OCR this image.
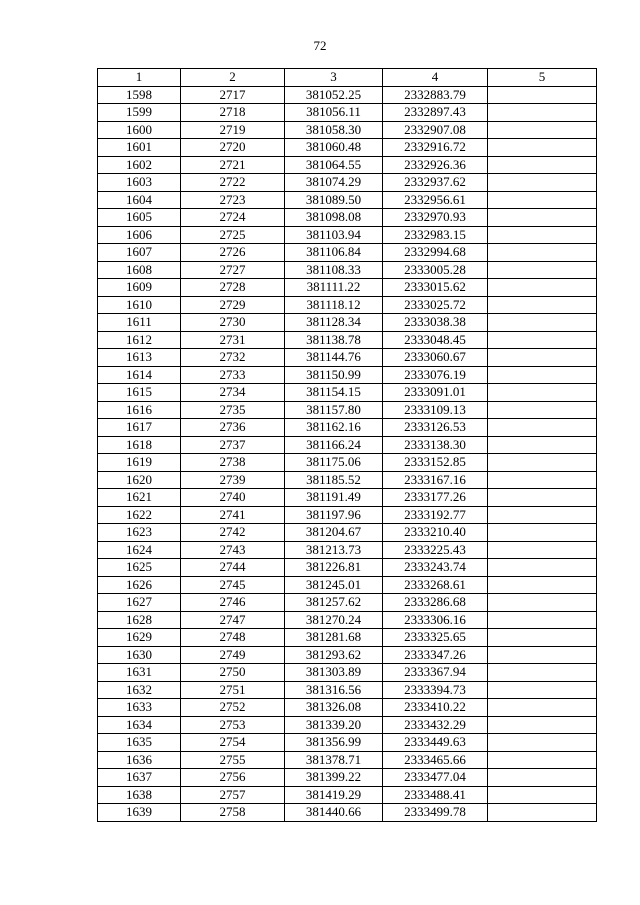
72
1	2	3	4	5
1598	2717	381052.25	2332883.79	
1599	2718	381056.11	2332897.43	
1600	2719	381058.30	2332907.08	
1601	2720	381060.48	2332916.72	
1602	2721	381064.55	2332926.36	
1603	2722	381074.29	2332937.62	
1604	2723	381089.50	2332956.61	
1605	2724	381098.08	2332970.93	
1606	2725	381103.94	2332983.15	
1607	2726	381106.84	2332994.68	
1608	2727	381108.33	2333005.28	
1609	2728	381111.22	2333015.62	
1610	2729	381118.12	2333025.72	
1611	2730	381128.34	2333038.38	
1612	2731	381138.78	2333048.45	
1613	2732	381144.76	2333060.67	
1614	2733	381150.99	2333076.19	
1615	2734	381154.15	2333091.01	
1616	2735	381157.80	2333109.13	
1617	2736	381162.16	2333126.53	
1618	2737	381166.24	2333138.30	
1619	2738	381175.06	2333152.85	
1620	2739	381185.52	2333167.16	
1621	2740	381191.49	2333177.26	
1622	2741	381197.96	2333192.77	
1623	2742	381204.67	2333210.40	
1624	2743	381213.73	2333225.43	
1625	2744	381226.81	2333243.74	
1626	2745	381245.01	2333268.61	
1627	2746	381257.62	2333286.68	
1628	2747	381270.24	2333306.16	
1629	2748	381281.68	2333325.65	
1630	2749	381293.62	2333347.26	
1631	2750	381303.89	2333367.94	
1632	2751	381316.56	2333394.73	
1633	2752	381326.08	2333410.22	
1634	2753	381339.20	2333432.29	
1635	2754	381356.99	2333449.63	
1636	2755	381378.71	2333465.66	
1637	2756	381399.22	2333477.04	
1638	2757	381419.29	2333488.41	
1639	2758	381440.66	2333499.78	
